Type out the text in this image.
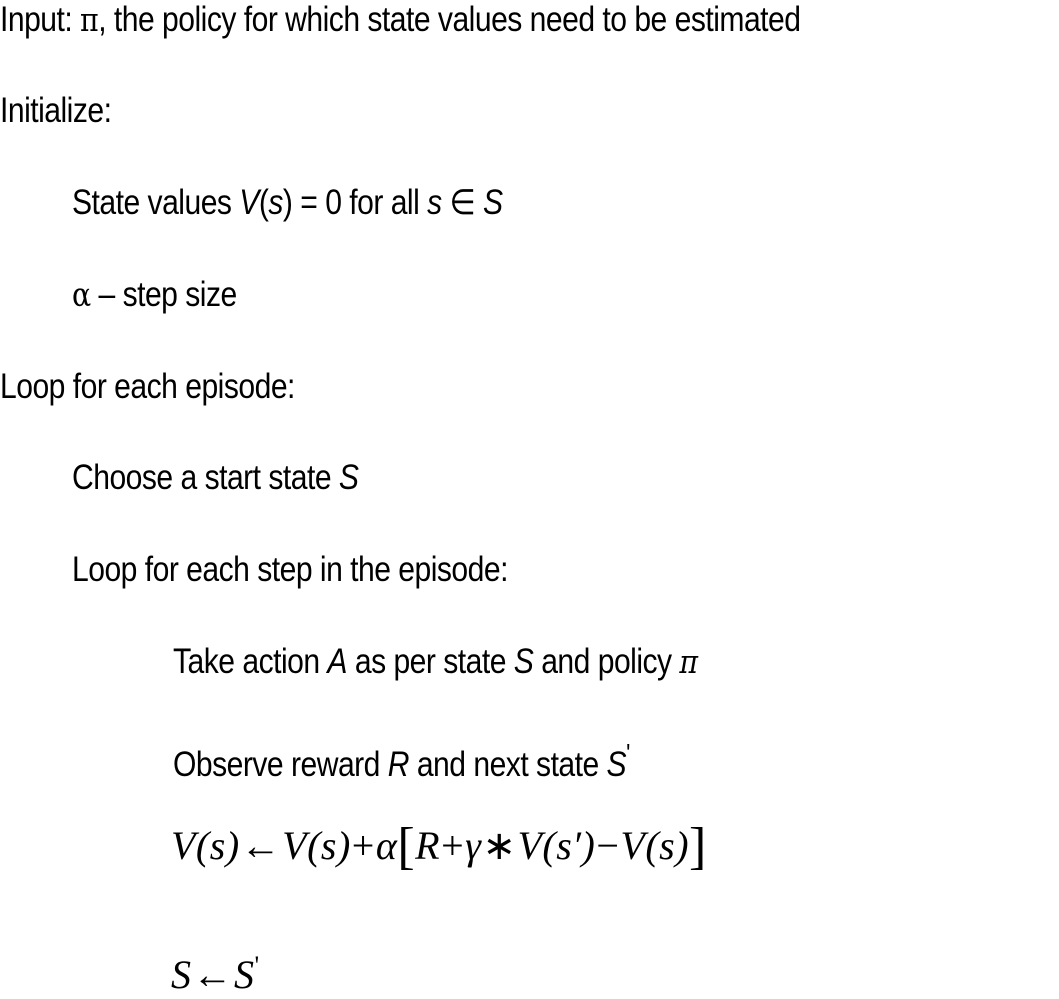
Input: π, the policy for which state values need to be estimated
Initialize:
State values V(s) = 0 for all s ∈ S
α – step size
Loop for each episode:
Choose a start state S
Loop for each step in the episode:
Take action A as per state S and policy π
Observe reward R and next state S'
V(s)←V(s)+α[R+γ∗V(s′)−V(s)]
S←S'
